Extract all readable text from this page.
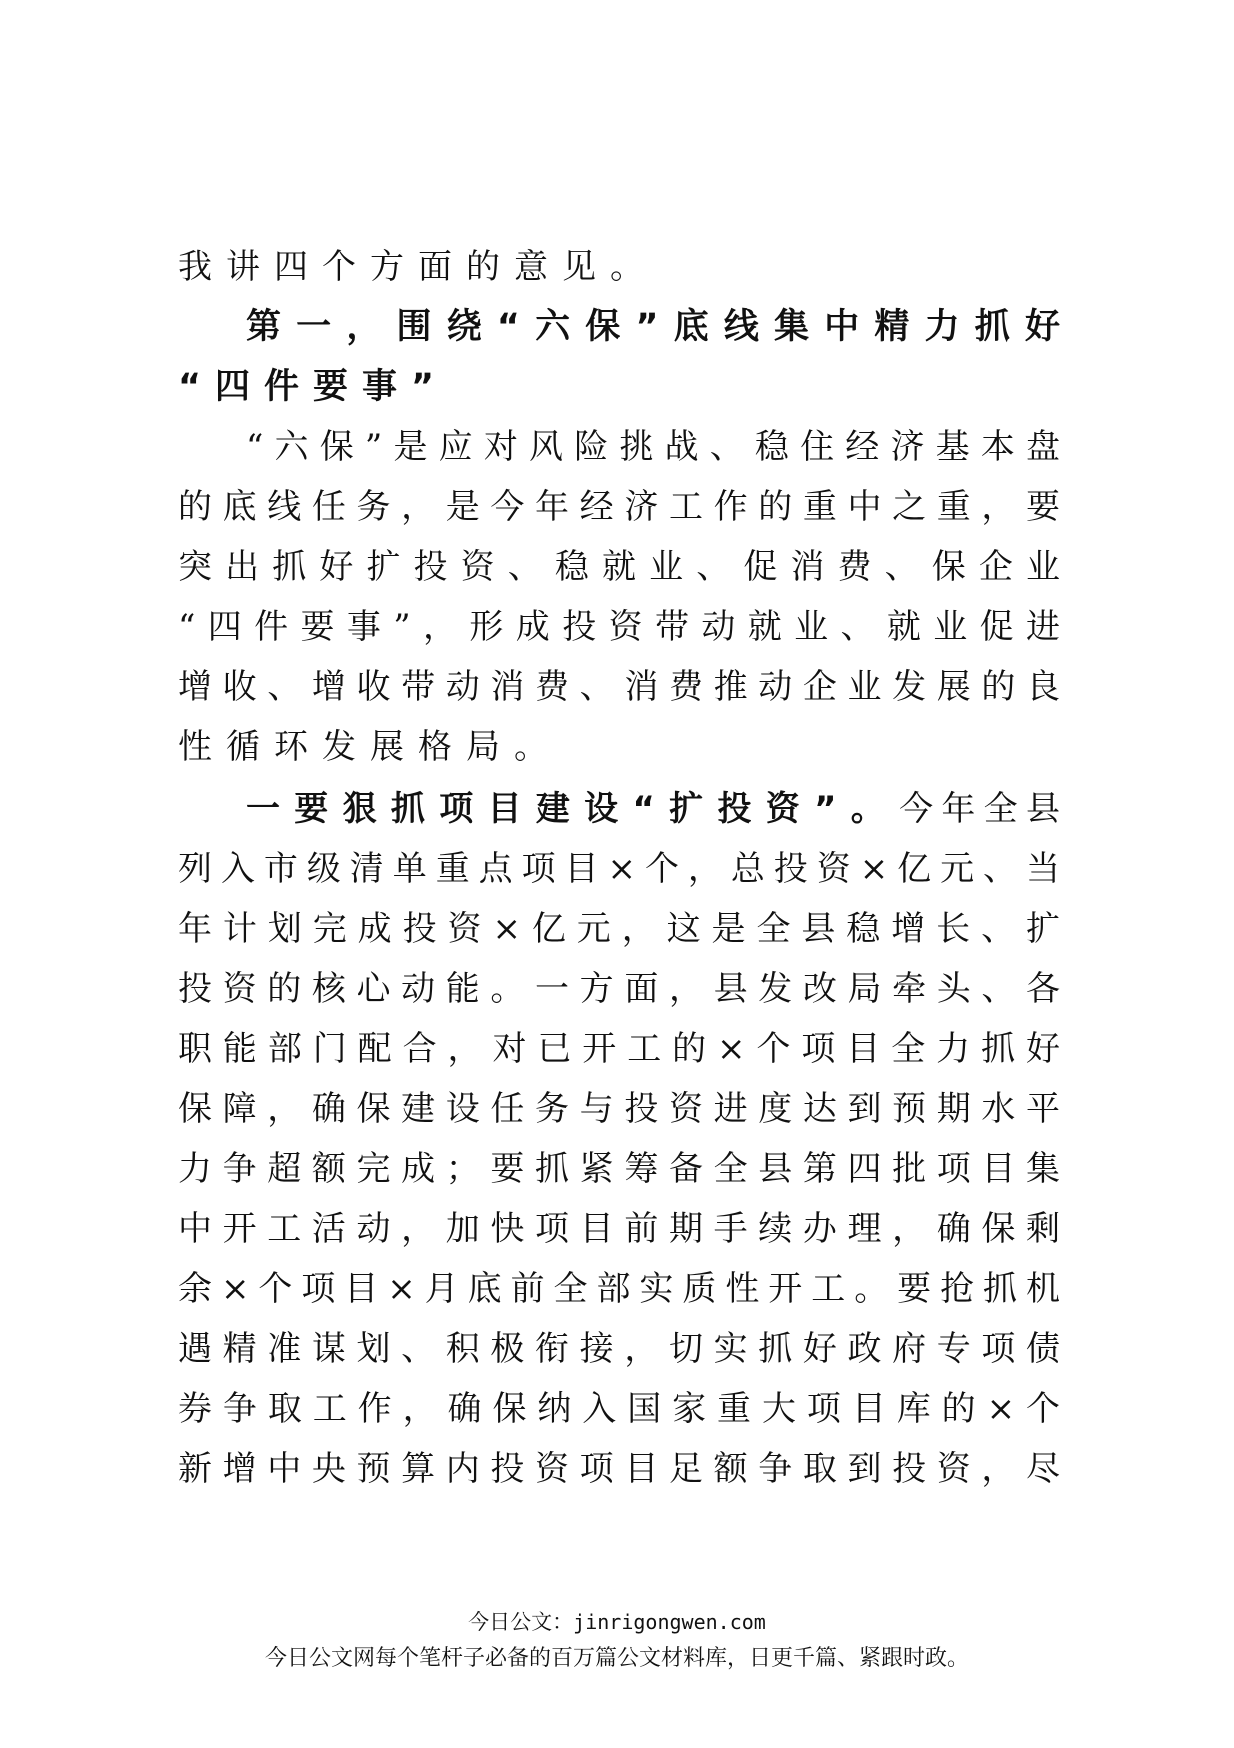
我讲四个方面的意见。
第一，围绕“六保”底线集中精力抓好
“四件要事”
“六保”是应对风险挑战、稳住经济基本盘
的底线任务，是今年经济工作的重中之重，要
突出抓好扩投资、稳就业、促消费、保企业
“四件要事”，形成投资带动就业、就业促进
增收、增收带动消费、消费推动企业发展的良
性循环发展格局。
一要狠抓项目建设“扩投资”。今年全县
列入市级清单重点项目×个，总投资×亿元、当
年计划完成投资×亿元，这是全县稳增长、扩
投资的核心动能。一方面，县发改局牵头、各
职能部门配合，对已开工的×个项目全力抓好
保障，确保建设任务与投资进度达到预期水平
力争超额完成；要抓紧筹备全县第四批项目集
中开工活动，加快项目前期手续办理，确保剩
余×个项目×月底前全部实质性开工。要抢抓机
遇精准谋划、积极衔接，切实抓好政府专项债
券争取工作，确保纳入国家重大项目库的×个
新增中央预算内投资项目足额争取到投资，尽
今日公文：jinrigongwen.com
今日公文网每个笔杆子必备的百万篇公文材料库，日更千篇、紧跟时政。
